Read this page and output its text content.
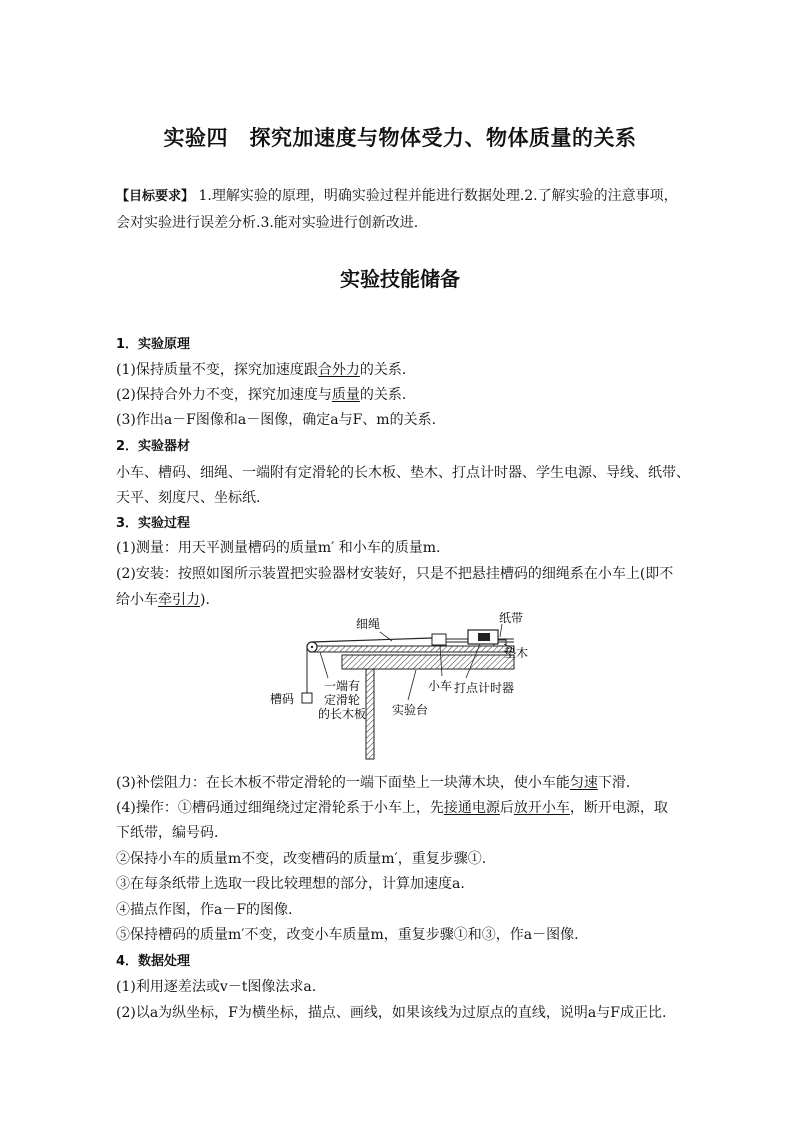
实验四　探究加速度与物体受力、物体质量的关系
【目标要求】 1.理解实验的原理，明确实验过程并能进行数据处理.2.了解实验的注意事项，
会对实验进行误差分析.3.能对实验进行创新改进.
实验技能储备
1．实验原理
(1)保持质量不变，探究加速度跟合外力的关系.
(2)保持合外力不变，探究加速度与质量的关系.
(3)作出a－F图像和a－图像，确定a与F、m的关系.
2．实验器材
小车、槽码、细绳、一端附有定滑轮的长木板、垫木、打点计时器、学生电源、导线、纸带、
天平、刻度尺、坐标纸.
3．实验过程
(1)测量：用天平测量槽码的质量m′ 和小车的质量m.
(2)安装：按照如图所示装置把实验器材安装好，只是不把悬挂槽码的细绳系在小车上(即不
给小车牵引力).
细绳	纸带
垫木
槽码
一端有
定滑轮
的长木板
小车 打点计时器
实验台
(3)补偿阻力：在长木板不带定滑轮的一端下面垫上一块薄木块，使小车能匀速下滑.
(4)操作：①槽码通过细绳绕过定滑轮系于小车上，先接通电源后放开小车，断开电源，取
下纸带，编号码.
②保持小车的质量m不变，改变槽码的质量m′，重复步骤①.
③在每条纸带上选取一段比较理想的部分，计算加速度a.
④描点作图，作a－F的图像.
⑤保持槽码的质量m′不变，改变小车质量m，重复步骤①和③，作a－图像.
4．数据处理
(1)利用逐差法或v－t图像法求a.
(2)以a为纵坐标，F为横坐标，描点、画线，如果该线为过原点的直线，说明a与F成正比.
